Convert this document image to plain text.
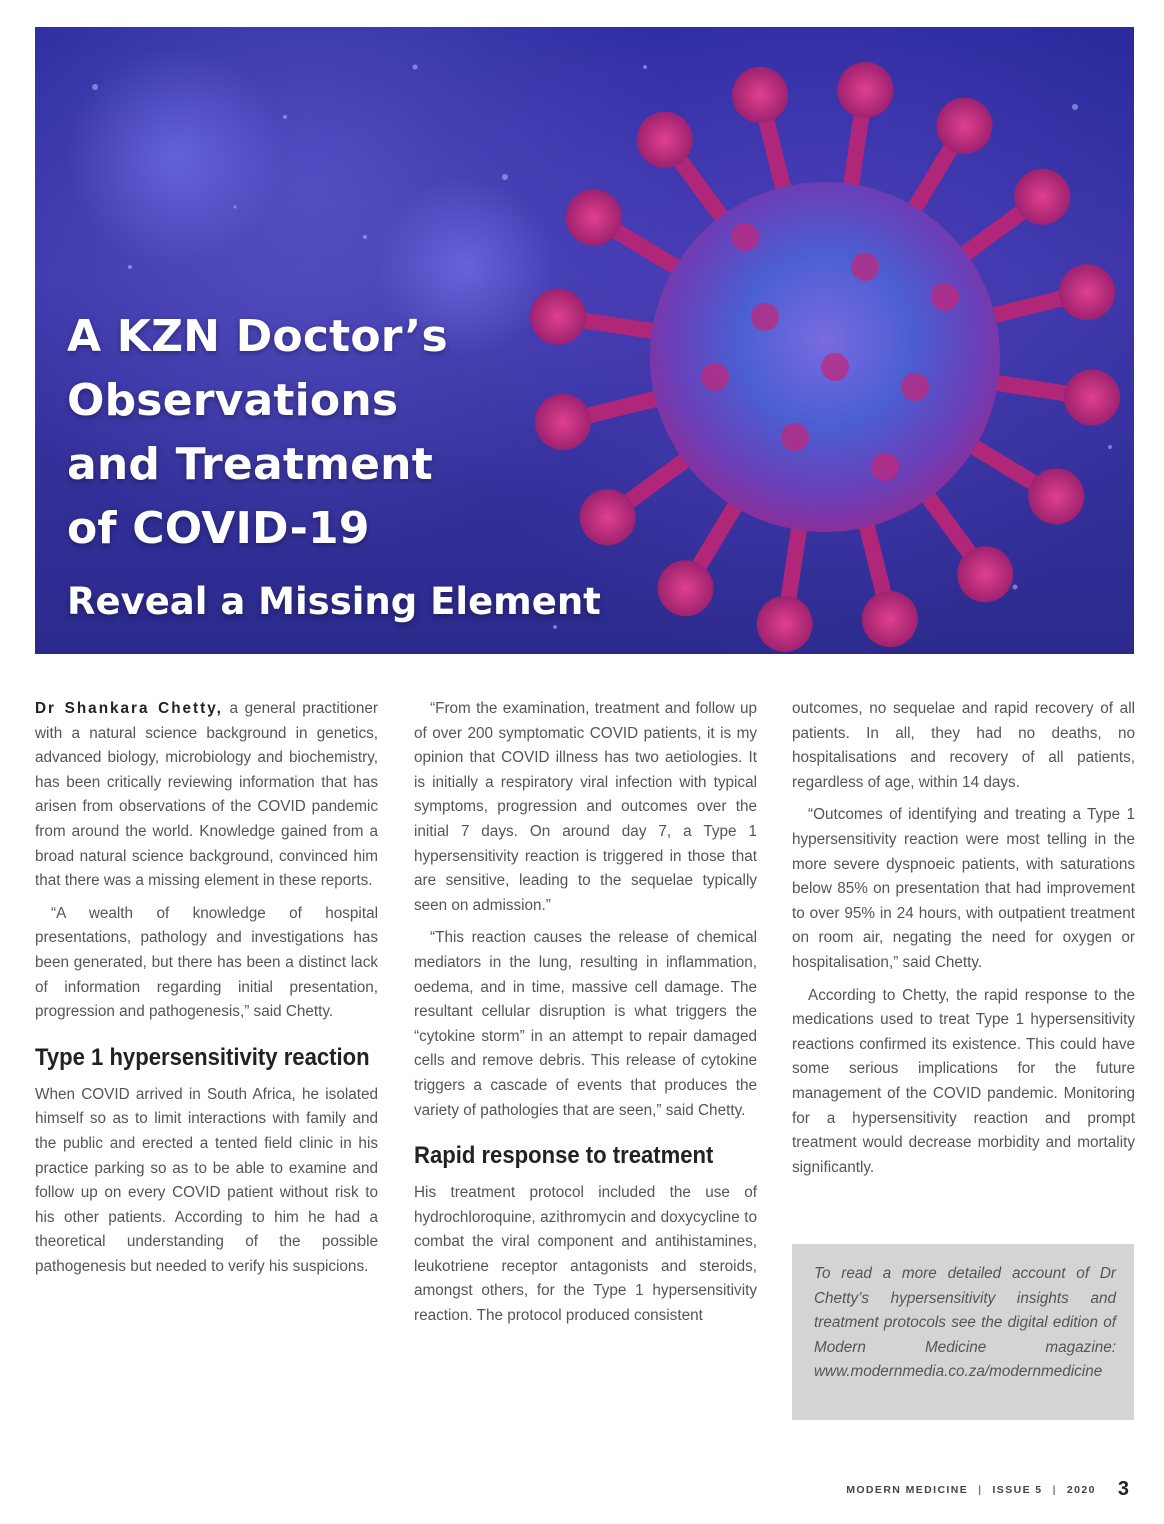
A KZN Doctor’s
Observations
and Treatment
of COVID-19
Reveal a Missing Element

Dr Shankara Chetty, a general practitioner with a natural science background in genetics, advanced biology, microbiology and biochemistry, has been critically reviewing information that has arisen from observations of the COVID pandemic from around the world. Knowledge gained from a broad natural science background, convinced him that there was a missing element in these reports.

“A wealth of knowledge of hospital presentations, pathology and investigations has been generated, but there has been a distinct lack of information regarding initial presentation, progression and pathogenesis,” said Chetty.

Type 1 hypersensitivity reaction

When COVID arrived in South Africa, he isolated himself so as to limit interactions with family and the public and erected a tented field clinic in his practice parking so as to be able to examine and follow up on every COVID patient without risk to his other patients. According to him he had a theoretical understanding of the possible pathogenesis but needed to verify his suspicions.

“From the examination, treatment and follow up of over 200 symptomatic COVID patients, it is my opinion that COVID illness has two aetiologies. It is initially a respiratory viral infection with typical symptoms, progression and outcomes over the initial 7 days. On around day 7, a Type 1 hypersensitivity reaction is triggered in those that are sensitive, leading to the sequelae typically seen on admission.”

“This reaction causes the release of chemical mediators in the lung, resulting in inflammation, oedema, and in time, massive cell damage. The resultant cellular disruption is what triggers the “cytokine storm” in an attempt to repair damaged cells and remove debris. This release of cytokine triggers a cascade of events that produces the variety of pathologies that are seen,” said Chetty.

Rapid response to treatment

His treatment protocol included the use of hydrochloroquine, azithromycin and doxycycline to combat the viral component and antihistamines, leukotriene receptor antagonists and steroids, amongst others, for the Type 1 hypersensitivity reaction. The protocol produced consistent

outcomes, no sequelae and rapid recovery of all patients. In all, they had no deaths, no hospitalisations and recovery of all patients, regardless of age, within 14 days.

“Outcomes of identifying and treating a Type 1 hypersensitivity reaction were most telling in the more severe dyspnoeic patients, with saturations below 85% on presentation that had improvement to over 95% in 24 hours, with outpatient treatment on room air, negating the need for oxygen or hospitalisation,” said Chetty.

According to Chetty, the rapid response to the medications used to treat Type 1 hypersensitivity reactions confirmed its existence. This could have some serious implications for the future management of the COVID pandemic. Monitoring for a hypersensitivity reaction and prompt treatment would decrease morbidity and mortality significantly.

To read a more detailed account of Dr Chetty’s hypersensitivity insights and treatment protocols see the digital edition of Modern Medicine magazine: www.modernmedia.co.za/modernmedicine
MODERN MEDICINE | ISSUE 5 | 2020 3
